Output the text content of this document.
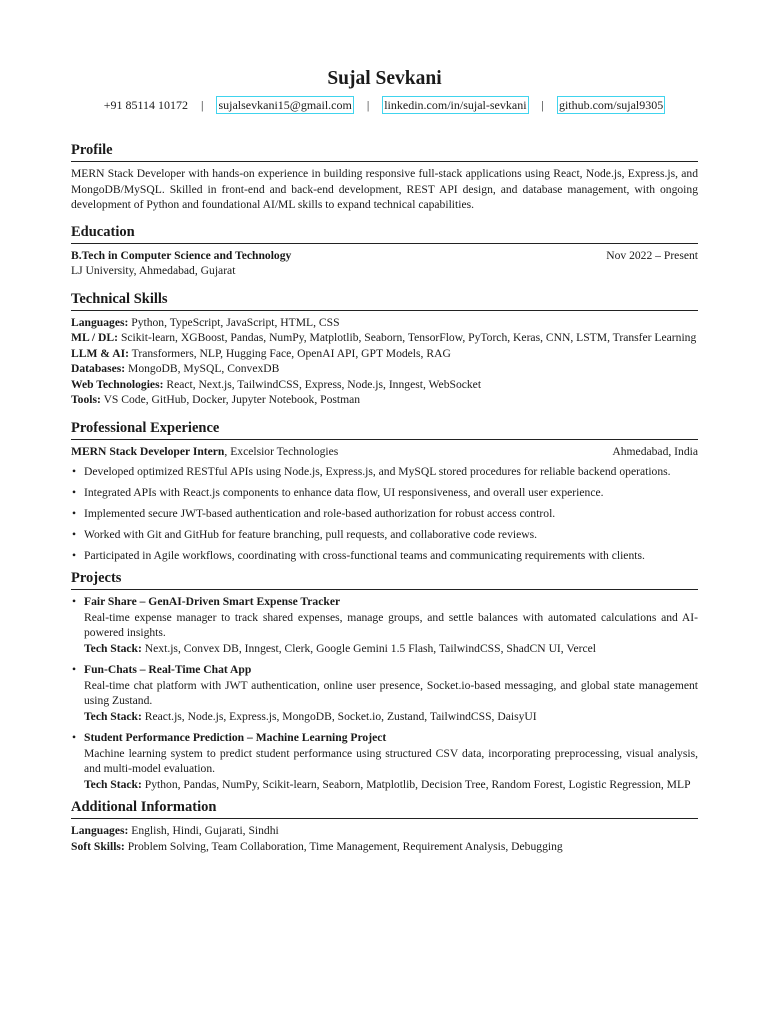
Sujal Sevkani
+91 85114 10172 | sujalsevkani15@gmail.com | linkedin.com/in/sujal-sevkani | github.com/sujal9305
Profile

MERN Stack Developer with hands-on experience in building responsive full-stack applications using React, Node.js, Express.js, and MongoDB/MySQL. Skilled in front-end and back-end development, REST API design, and database management, with ongoing development of Python and foundational AI/ML skills to expand technical capabilities.

Education
B.Tech in Computer Science and Technology	Nov 2022 – Present
LJ University, Ahmedabad, Gujarat
Technical Skills

Languages: Python, TypeScript, JavaScript, HTML, CSS

ML / DL: Scikit-learn, XGBoost, Pandas, NumPy, Matplotlib, Seaborn, TensorFlow, PyTorch, Keras, CNN, LSTM, Transfer Learning

LLM & AI: Transformers, NLP, Hugging Face, OpenAI API, GPT Models, RAG

Databases: MongoDB, MySQL, ConvexDB

Web Technologies: React, Next.js, TailwindCSS, Express, Node.js, Inngest, WebSocket

Tools: VS Code, GitHub, Docker, Jupyter Notebook, Postman

Professional Experience
MERN Stack Developer Intern, Excelsior Technologies	Ahmedabad, India
• Developed optimized RESTful APIs using Node.js, Express.js, and MySQL stored procedures for reliable backend operations.
• Integrated APIs with React.js components to enhance data flow, UI responsiveness, and overall user experience.
• Implemented secure JWT-based authentication and role-based authorization for robust access control.
• Worked with Git and GitHub for feature branching, pull requests, and collaborative code reviews.
• Participated in Agile workflows, coordinating with cross-functional teams and communicating requirements with clients.
Projects
• Fair Share – GenAI-Driven Smart Expense Tracker
Real-time expense manager to track shared expenses, manage groups, and settle balances with automated calculations and AI-powered insights.
Tech Stack: Next.js, Convex DB, Inngest, Clerk, Google Gemini 1.5 Flash, TailwindCSS, ShadCN UI, Vercel
• Fun-Chats – Real-Time Chat App
Real-time chat platform with JWT authentication, online user presence, Socket.io-based messaging, and global state management using Zustand.
Tech Stack: React.js, Node.js, Express.js, MongoDB, Socket.io, Zustand, TailwindCSS, DaisyUI
• Student Performance Prediction – Machine Learning Project
Machine learning system to predict student performance using structured CSV data, incorporating preprocessing, visual analysis, and multi-model evaluation.
Tech Stack: Python, Pandas, NumPy, Scikit-learn, Seaborn, Matplotlib, Decision Tree, Random Forest, Logistic Regression, MLP
Additional Information

Languages: English, Hindi, Gujarati, Sindhi

Soft Skills: Problem Solving, Team Collaboration, Time Management, Requirement Analysis, Debugging
